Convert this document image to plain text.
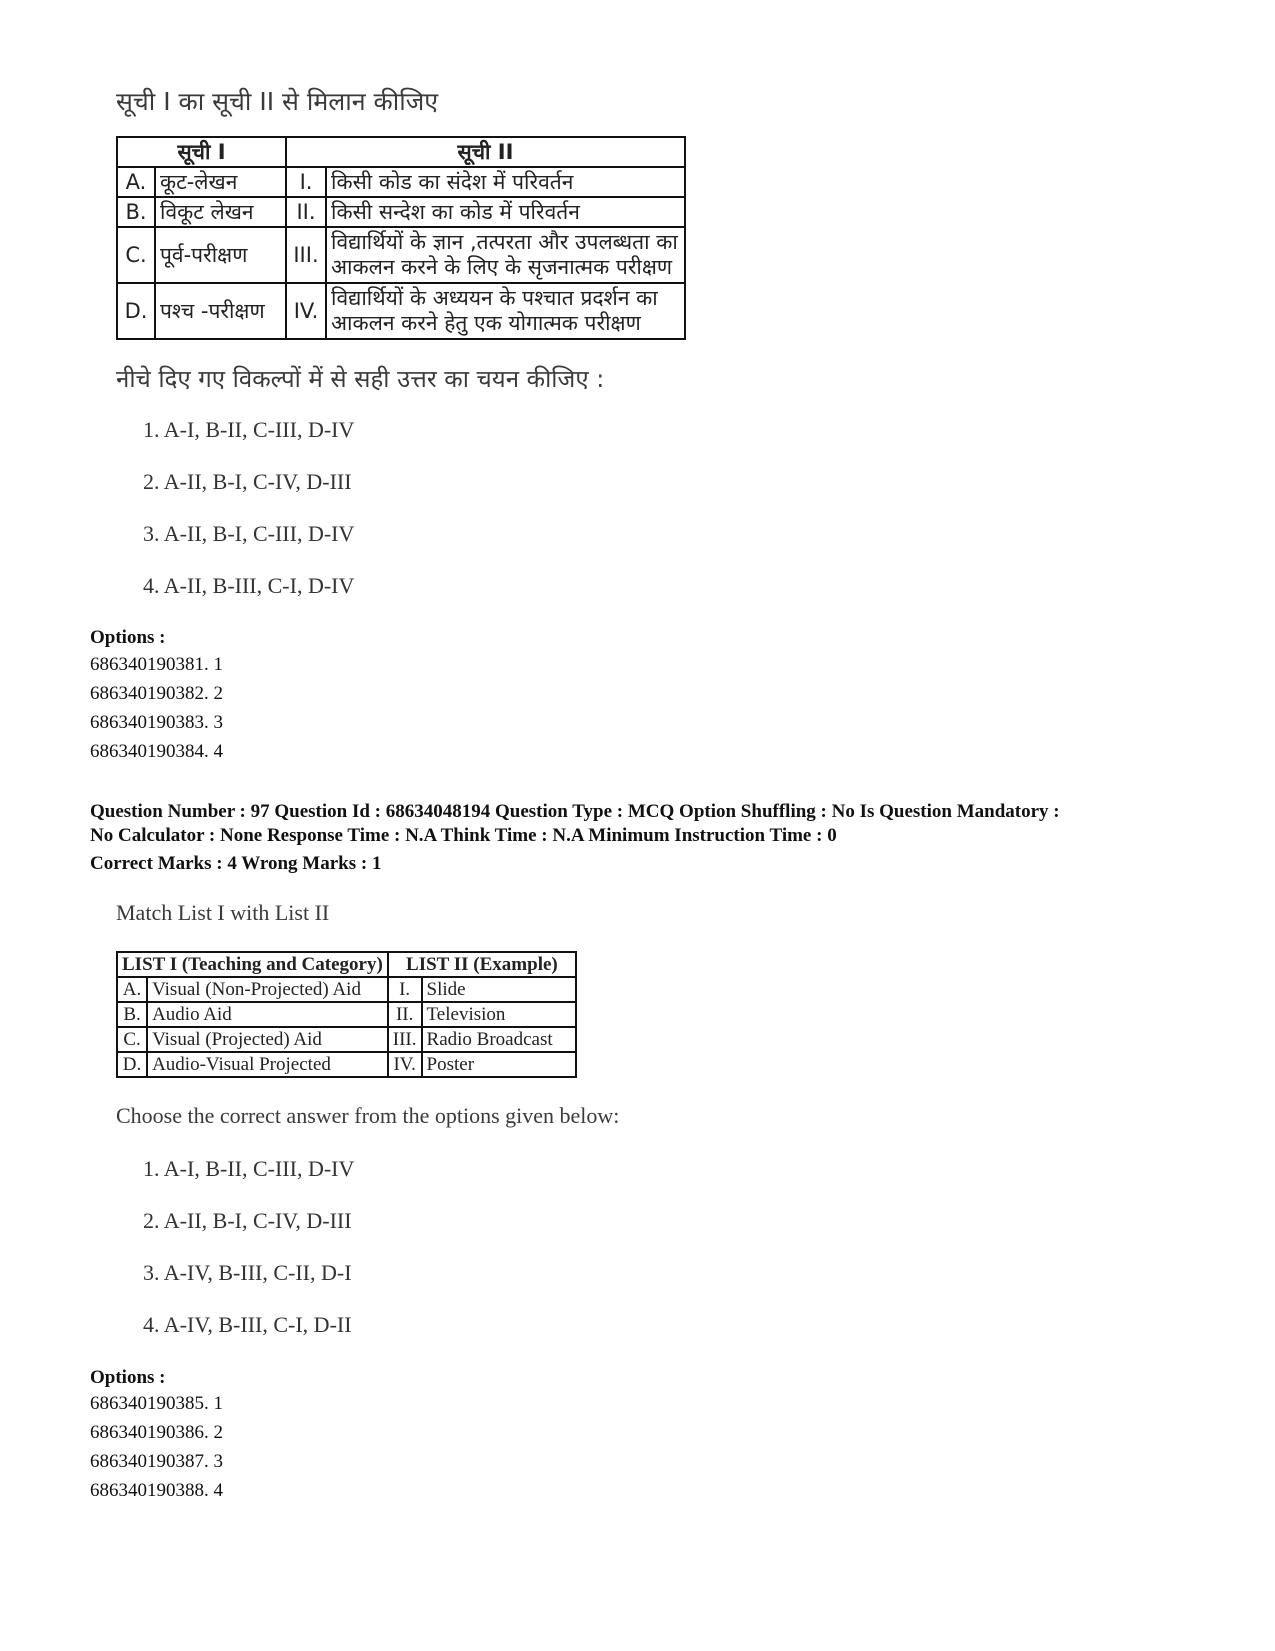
सूची I का सूची II से मिलान कीजिए
सूची I		सूची II	
A.	कूट-लेखन	I.	किसी कोड का संदेश में परिवर्तन
B.	विकूट लेखन	II.	किसी सन्देश का कोड में परिवर्तन
C.	पूर्व-परीक्षण	III.	विद्यार्थियों के ज्ञान ,तत्परता और उपलब्धता का
आकलन करने के लिए के सृजनात्मक परीक्षण

D.	पश्च -परीक्षण	IV.	विद्यार्थियों के अध्ययन के पश्चात प्रदर्शन का
आकलन करने हेतु एक योगात्मक परीक्षण
नीचे दिए गए विकल्पों में से सही उत्तर का चयन कीजिए :
1. A-I, B-II, C-III, D-IV
2. A-II, B-I, C-IV, D-III
3. A-II, B-I, C-III, D-IV
4. A-II, B-III, C-I, D-IV
Options :
686340190381. 1
686340190382. 2
686340190383. 3
686340190384. 4
Question Number : 97 Question Id : 68634048194 Question Type : MCQ Option Shuffling : No Is Question Mandatory :
No Calculator : None Response Time : N.A Think Time : N.A Minimum Instruction Time : 0
Correct Marks : 4 Wrong Marks : 1
Match List I with List II
LIST I (Teaching and Category)		LIST II (Example)	
A.	Visual (Non-Projected) Aid	I.	Slide
B.	Audio Aid	II.	Television
C.	Visual (Projected) Aid	III.	Radio Broadcast
D.	Audio-Visual Projected	IV.	Poster
Choose the correct answer from the options given below:
1. A-I, B-II, C-III, D-IV
2. A-II, B-I, C-IV, D-III
3. A-IV, B-III, C-II, D-I
4. A-IV, B-III, C-I, D-II
Options :
686340190385. 1
686340190386. 2
686340190387. 3
686340190388. 4
